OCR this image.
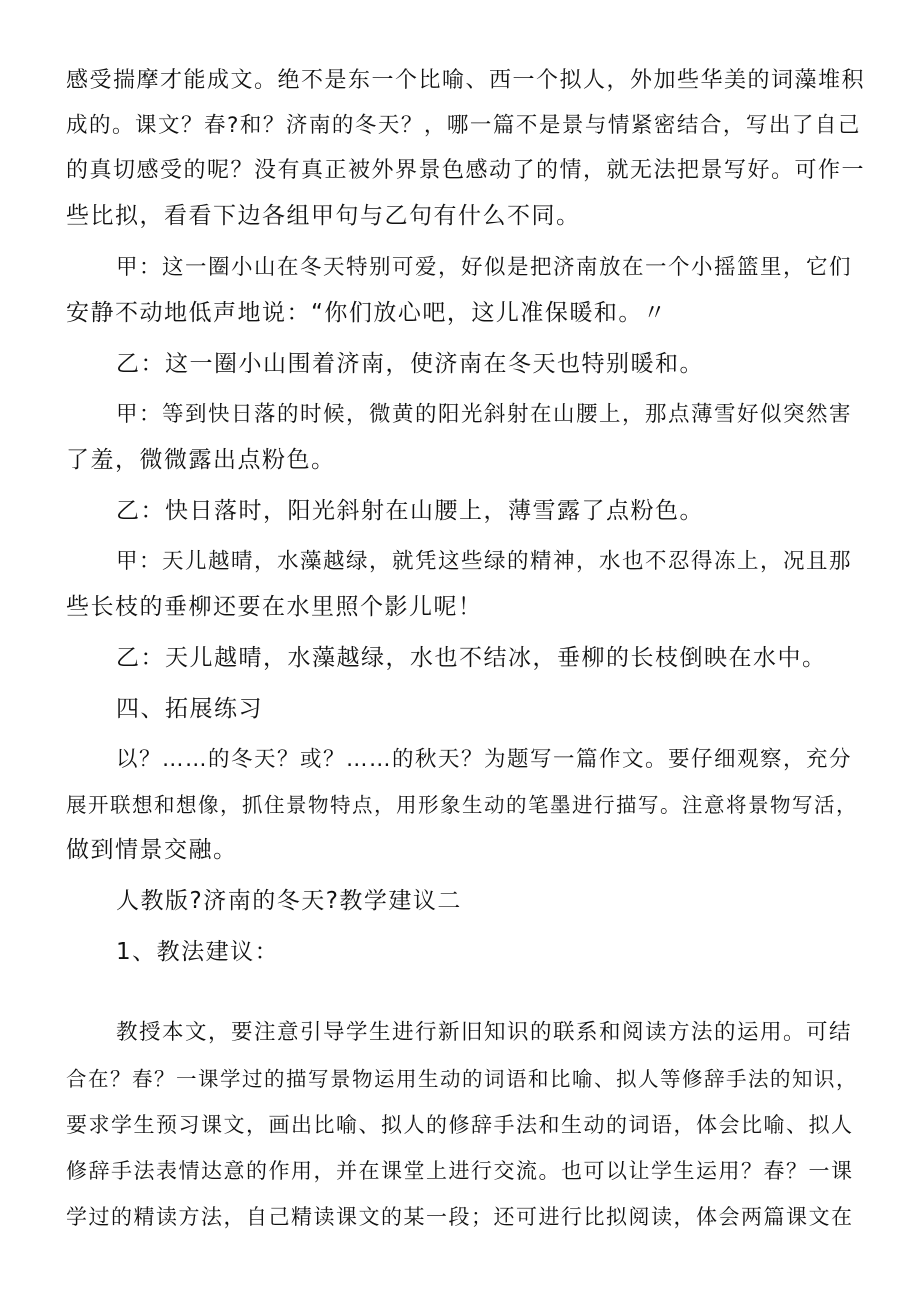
感受揣摩才能成文。绝不是东一个比喻、西一个拟人，外加些华美的词藻堆积
成的。课文？春?和？济南的冬天？，哪一篇不是景与情紧密结合，写出了自己
的真切感受的呢？没有真正被外界景色感动了的情，就无法把景写好。可作一
些比拟，看看下边各组甲句与乙句有什么不同。
甲：这一圈小山在冬天特别可爱，好似是把济南放在一个小摇篮里，它们
安静不动地低声地说：“你们放心吧，这儿准保暖和。〃
乙：这一圈小山围着济南，使济南在冬天也特别暖和。
甲：等到快日落的时候，微黄的阳光斜射在山腰上，那点薄雪好似突然害
了羞，微微露出点粉色。
乙：快日落时，阳光斜射在山腰上，薄雪露了点粉色。
甲：天儿越晴，水藻越绿，就凭这些绿的精神，水也不忍得冻上，况且那
些长枝的垂柳还要在水里照个影儿呢！
乙：天儿越晴，水藻越绿，水也不结冰，垂柳的长枝倒映在水中。
四、拓展练习
以？……的冬天？或？……的秋天？为题写一篇作文。要仔细观察，充分
展开联想和想像，抓住景物特点，用形象生动的笔墨进行描写。注意将景物写活，
做到情景交融。
人教版?济南的冬天?教学建议二
1、教法建议：
教授本文，要注意引导学生进行新旧知识的联系和阅读方法的运用。可结
合在？春？一课学过的描写景物运用生动的词语和比喻、拟人等修辞手法的知识，
要求学生预习课文，画出比喻、拟人的修辞手法和生动的词语，体会比喻、拟人
修辞手法表情达意的作用，并在课堂上进行交流。也可以让学生运用？春？一课
学过的精读方法，自己精读课文的某一段；还可进行比拟阅读，体会两篇课文在
